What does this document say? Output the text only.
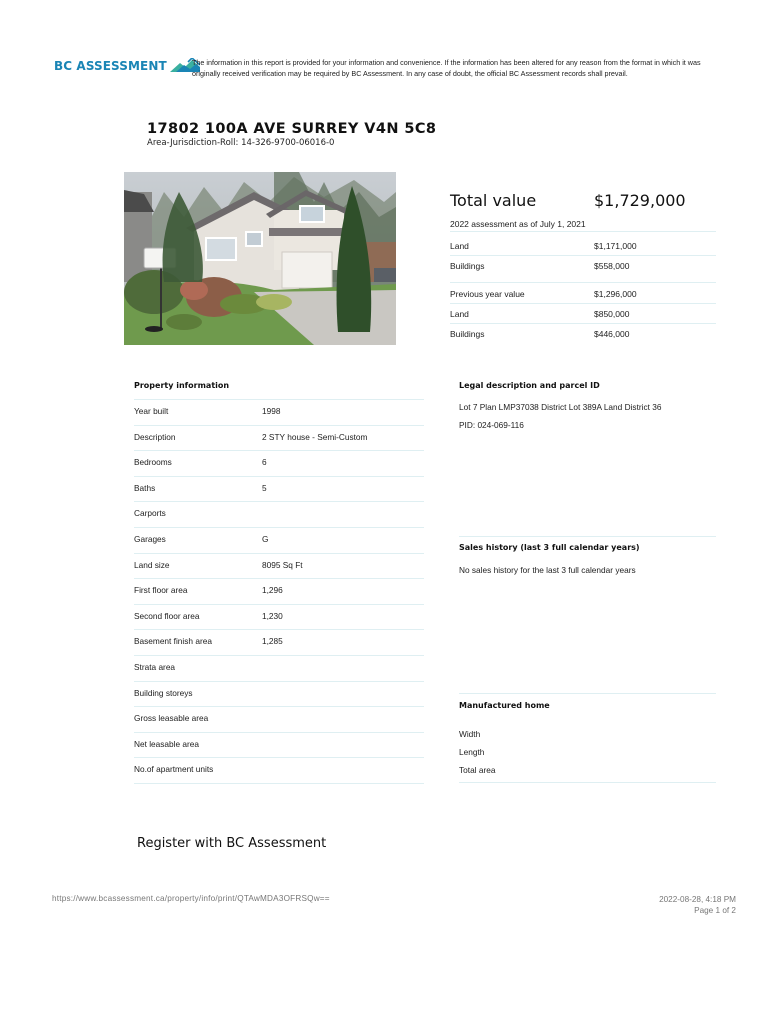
BC ASSESSMENT	The information in this report is provided for your information and convenience. If the information has been altered for any reason from the format in which it was originally received verification may be required by BC Assessment. In any case of doubt, the official BC Assessment records shall prevail.
17802 100A AVE SURREY V4N 5C8
Area-Jurisdiction-Roll: 14-326-9700-06016-0
Total value	$1,729,000
2022 assessment as of July 1, 2021
Land	$1,171,000
Buildings	$558,000
Previous year value	$1,296,000
Land	$850,000
Buildings	$446,000
Property information
Year built	1998
Description	2 STY house - Semi-Custom
Bedrooms	6
Baths	5
Carports
Garages	G
Land size	8095 Sq Ft
First floor area	1,296
Second floor area	1,230
Basement finish area	1,285
Strata area
Building storeys
Gross leasable area
Net leasable area
No.of apartment units
Legal description and parcel ID
Lot 7 Plan LMP37038 District Lot 389A Land District 36
PID: 024-069-116
Sales history (last 3 full calendar years)
No sales history for the last 3 full calendar years
Manufactured home
Width
Length
Total area
Register with BC Assessment
https://www.bcassessment.ca/property/info/print/QTAwMDA3OFRSQw==	2022-08-28, 4:18 PM
Page 1 of 2
